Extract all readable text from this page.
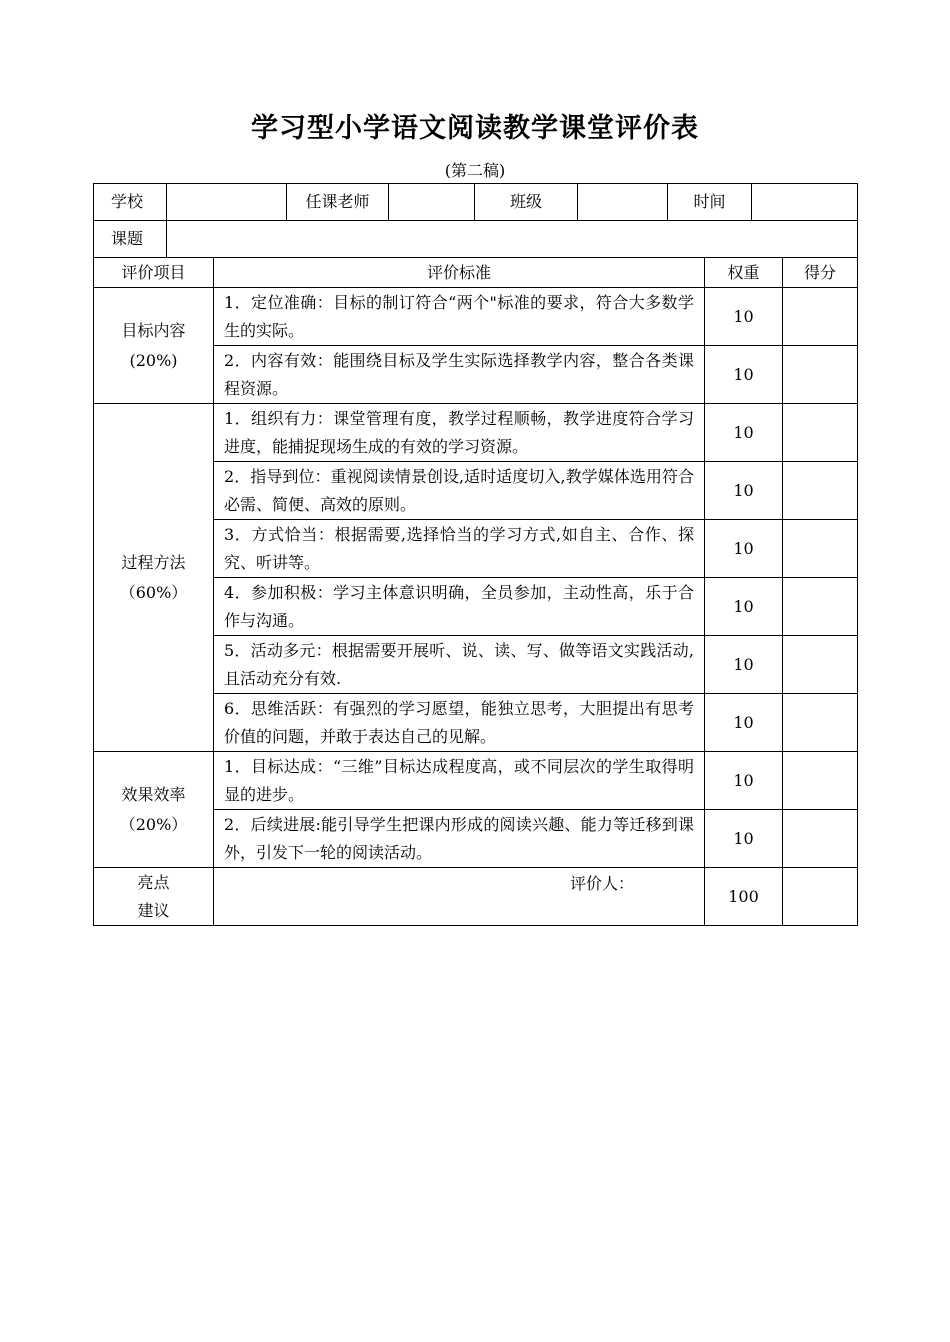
学习型小学语文阅读教学课堂评价表
(第二稿)
学校		任课老师		班级		时间	
课题							
评价项目	评价标准	权重	得分

目标内容
(20%)	1．定位准确：目标的制订符合“两个"标准的要求，符合大多数学生的实际。	10	
	2．内容有效：能围绕目标及学生实际选择教学内容，整合各类课程资源。	10	

过程方法
（60%）	1．组织有力：课堂管理有度，教学过程顺畅，教学进度符合学习进度，能捕捉现场生成的有效的学习资源。	10	
	2．指导到位：重视阅读情景创设,适时适度切入,教学媒体选用符合必需、简便、高效的原则。	10	
	3．方式恰当：根据需要,选择恰当的学习方式,如自主、合作、探究、听讲等。	10	
	4．参加积极：学习主体意识明确，全员参加，主动性高，乐于合作与沟通。	10	
	5．活动多元：根据需要开展听、说、读、写、做等语文实践活动,且活动充分有效.	10	
	6．思维活跃：有强烈的学习愿望，能独立思考，大胆提出有思考价值的问题，并敢于表达自己的见解。	10	

效果效率
（20%）	1．目标达成：“三维”目标达成程度高，或不同层次的学生取得明显的进步。	10	
	2．后续进展:能引导学生把课内形成的阅读兴趣、能力等迁移到课外，引发下一轮的阅读活动。	10	

亮点
建议	评价人：	100	
